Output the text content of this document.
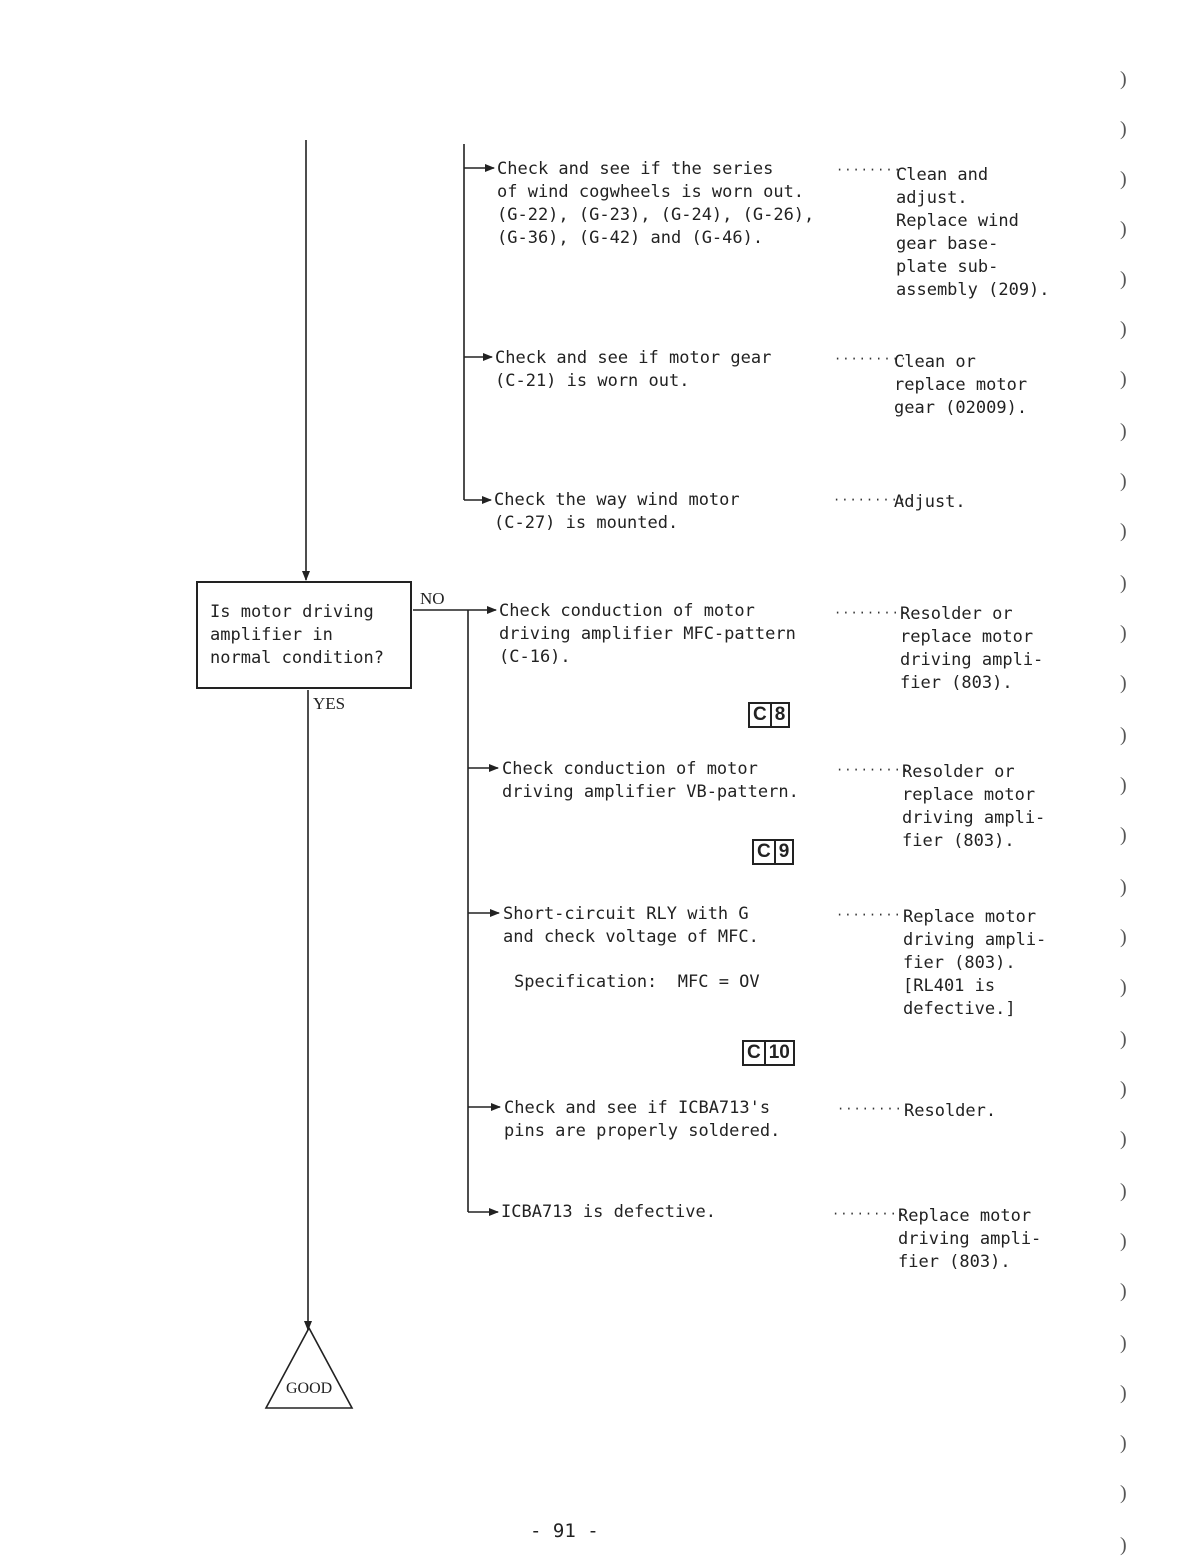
Is motor driving
amplifier in
normal condition?
NO
YES
Check and see if the series
of wind cogwheels is worn out.
(G-22), (G-23), (G-24), (G-26),
(G-36), (G-42) and (G-46).
·········
Clean and
adjust.
Replace wind
gear base-
plate sub-
assembly (209).
Check and see if motor gear
(C-21) is worn out.
·········
Clean or
replace motor
gear (02009).
Check the way wind motor
(C-27) is mounted.
·········
Adjust.
Check conduction of motor
driving amplifier MFC-pattern
(C-16).
·········
Resolder or
replace motor
driving ampli-
fier (803).
C 8
Check conduction of motor
driving amplifier VB-pattern.
·········
Resolder or
replace motor
driving ampli-
fier (803).
C 9
Short-circuit RLY with G
and check voltage of MFC.
Specification:  MFC = OV
·········
Replace motor
driving ampli-
fier (803).
[RL401 is
defective.]
C 10
Check and see if ICBA713's
pins are properly soldered.
·········
Resolder.
ICBA713 is defective.	·········
Replace motor
driving ampli-
fier (803).
GOOD
- 91 -
)
)
)
)
)
)
)
)
)
)
)
)
)
)
)
)
)
)
)
)
)
)
)
)
)
)
)
)
)
)
